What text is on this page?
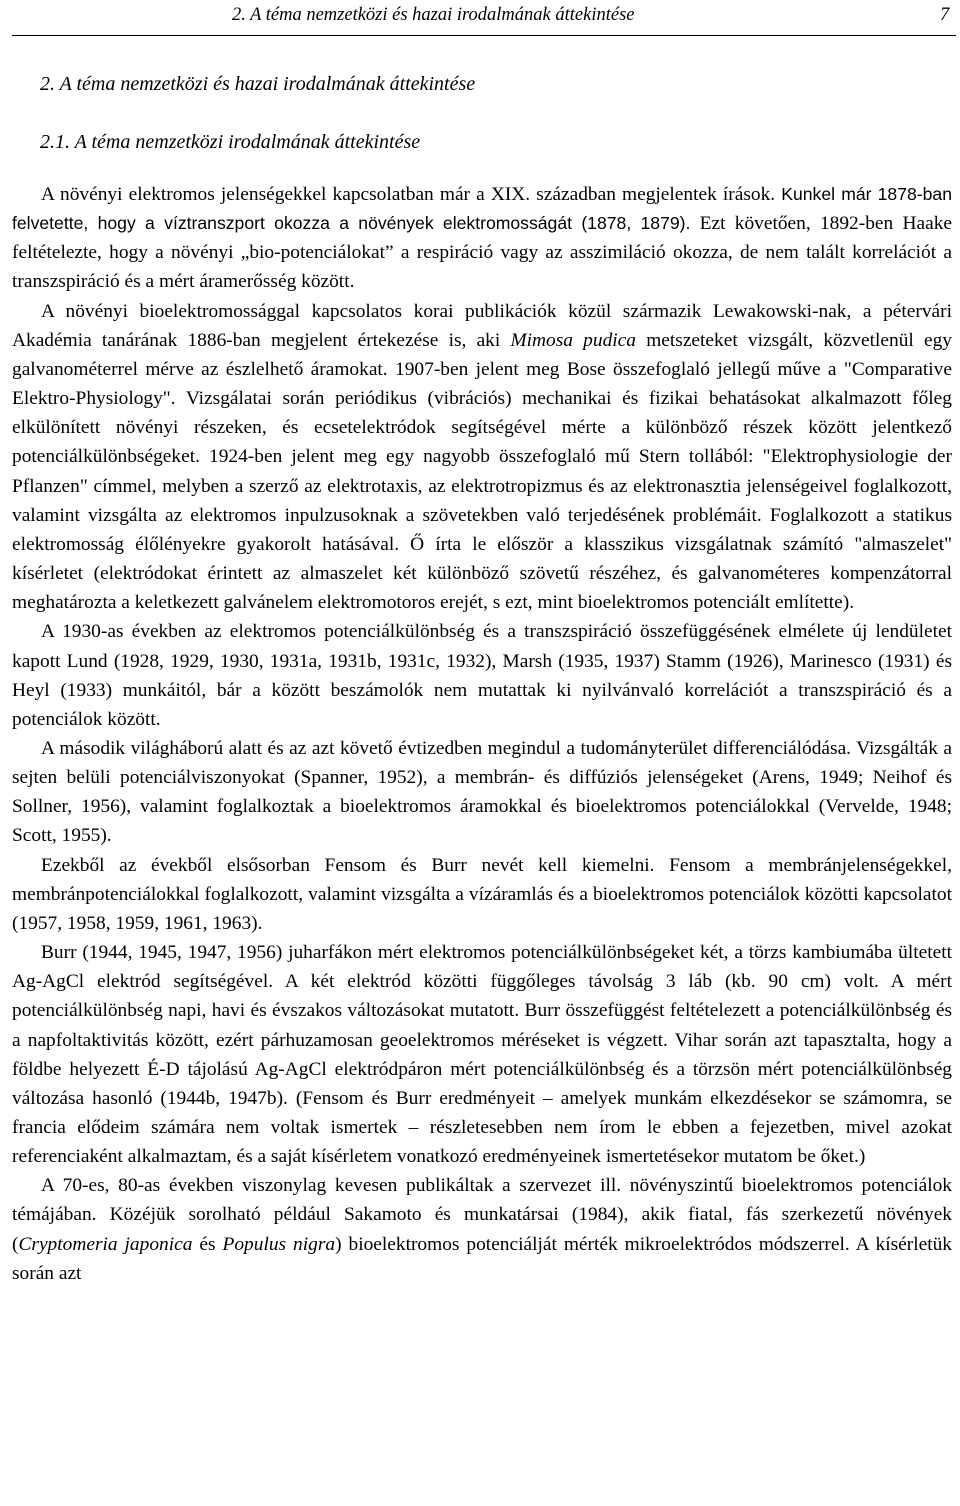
2. A téma nemzetközi és hazai irodalmának áttekintése	7
2. A téma nemzetközi és hazai irodalmának áttekintése
2.1. A téma nemzetközi irodalmának áttekintése

A növényi elektromos jelenségekkel kapcsolatban már a XIX. században megjelentek írások. Kunkel már 1878-ban felvetette, hogy a víztranszport okozza a növények elektromosságát (1878, 1879). Ezt követően, 1892-ben Haake feltételezte, hogy a növényi „bio-potenciálokat” a respiráció vagy az asszimiláció okozza, de nem talált korrelációt a transzspiráció és a mért áramerősség között.

A növényi bioelektromossággal kapcsolatos korai publikációk közül származik Lewakowski-nak, a pétervári Akadémia tanárának 1886-ban megjelent értekezése is, aki Mimosa pudica metszeteket vizsgált, közvetlenül egy galvanométerrel mérve az észlelhető áramokat. 1907-ben jelent meg Bose összefoglaló jellegű műve a "Comparative Elektro-Physiology". Vizsgálatai során periódikus (vibrációs) mechanikai és fizikai behatásokat alkalmazott főleg elkülönített növényi részeken, és ecsetelektródok segítségével mérte a különböző részek között jelentkező potenciálkülönbségeket. 1924-ben jelent meg egy nagyobb összefoglaló mű Stern tollából: "Elektrophysiologie der Pflanzen" címmel, melyben a szerző az elektrotaxis, az elektrotropizmus és az elektronasztia jelenségeivel foglalkozott, valamint vizsgálta az elektromos inpulzusoknak a szövetekben való terjedésének problémáit. Foglalkozott a statikus elektromosság élőlényekre gyakorolt hatásával. Ő írta le először a klasszikus vizsgálatnak számító "almaszelet" kísérletet (elektródokat érintett az almaszelet két különböző szövetű részéhez, és galvanométeres kompenzátorral meghatározta a keletkezett galvánelem elektromotoros erejét, s ezt, mint bioelektromos potenciált említette).

A 1930-as években az elektromos potenciálkülönbség és a transzspiráció összefüggésének elmélete új lendületet kapott Lund (1928, 1929, 1930, 1931a, 1931b, 1931c, 1932), Marsh (1935, 1937) Stamm (1926), Marinesco (1931) és Heyl (1933) munkáitól, bár a között beszámolók nem mutattak ki nyilvánvaló korrelációt a transzspiráció és a potenciálok között.

A második világháború alatt és az azt követő évtizedben megindul a tudományterület differenciálódása. Vizsgálták a sejten belüli potenciálviszonyokat (Spanner, 1952), a membrán- és diffúziós jelenségeket (Arens, 1949; Neihof és Sollner, 1956), valamint foglalkoztak a bioelektromos áramokkal és bioelektromos potenciálokkal (Vervelde, 1948; Scott, 1955).

Ezekből az évekből elsősorban Fensom és Burr nevét kell kiemelni. Fensom a membránjelenségekkel, membránpotenciálokkal foglalkozott, valamint vizsgálta a vízáramlás és a bioelektromos potenciálok közötti kapcsolatot (1957, 1958, 1959, 1961, 1963).

Burr (1944, 1945, 1947, 1956) juharfákon mért elektromos potenciálkülönbségeket két, a törzs kambiumába ültetett Ag-AgCl elektród segítségével. A két elektród közötti függőleges távolság 3 láb (kb. 90 cm) volt. A mért potenciálkülönbség napi, havi és évszakos változásokat mutatott. Burr összefüggést feltételezett a potenciálkülönbség és a napfoltaktivitás között, ezért párhuzamosan geoelektromos méréseket is végzett. Vihar során azt tapasztalta, hogy a földbe helyezett É-D tájolású Ag-AgCl elektródpáron mért potenciálkülönbség és a törzsön mért potenciálkülönbség változása hasonló (1944b, 1947b). (Fensom és Burr eredményeit – amelyek munkám elkezdésekor se számomra, se francia elődeim számára nem voltak ismertek – részletesebben nem írom le ebben a fejezetben, mivel azokat referenciaként alkalmaztam, és a saját kísérletem vonatkozó eredményeinek ismertetésekor mutatom be őket.)

A 70-es, 80-as években viszonylag kevesen publikáltak a szervezet ill. növényszintű bioelektromos potenciálok témájában. Közéjük sorolható például Sakamoto és munkatársai (1984), akik fiatal, fás szerkezetű növények (Cryptomeria japonica és Populus nigra) bioelektromos potenciálját mérték mikroelektródos módszerrel. A kísérletük során azt
